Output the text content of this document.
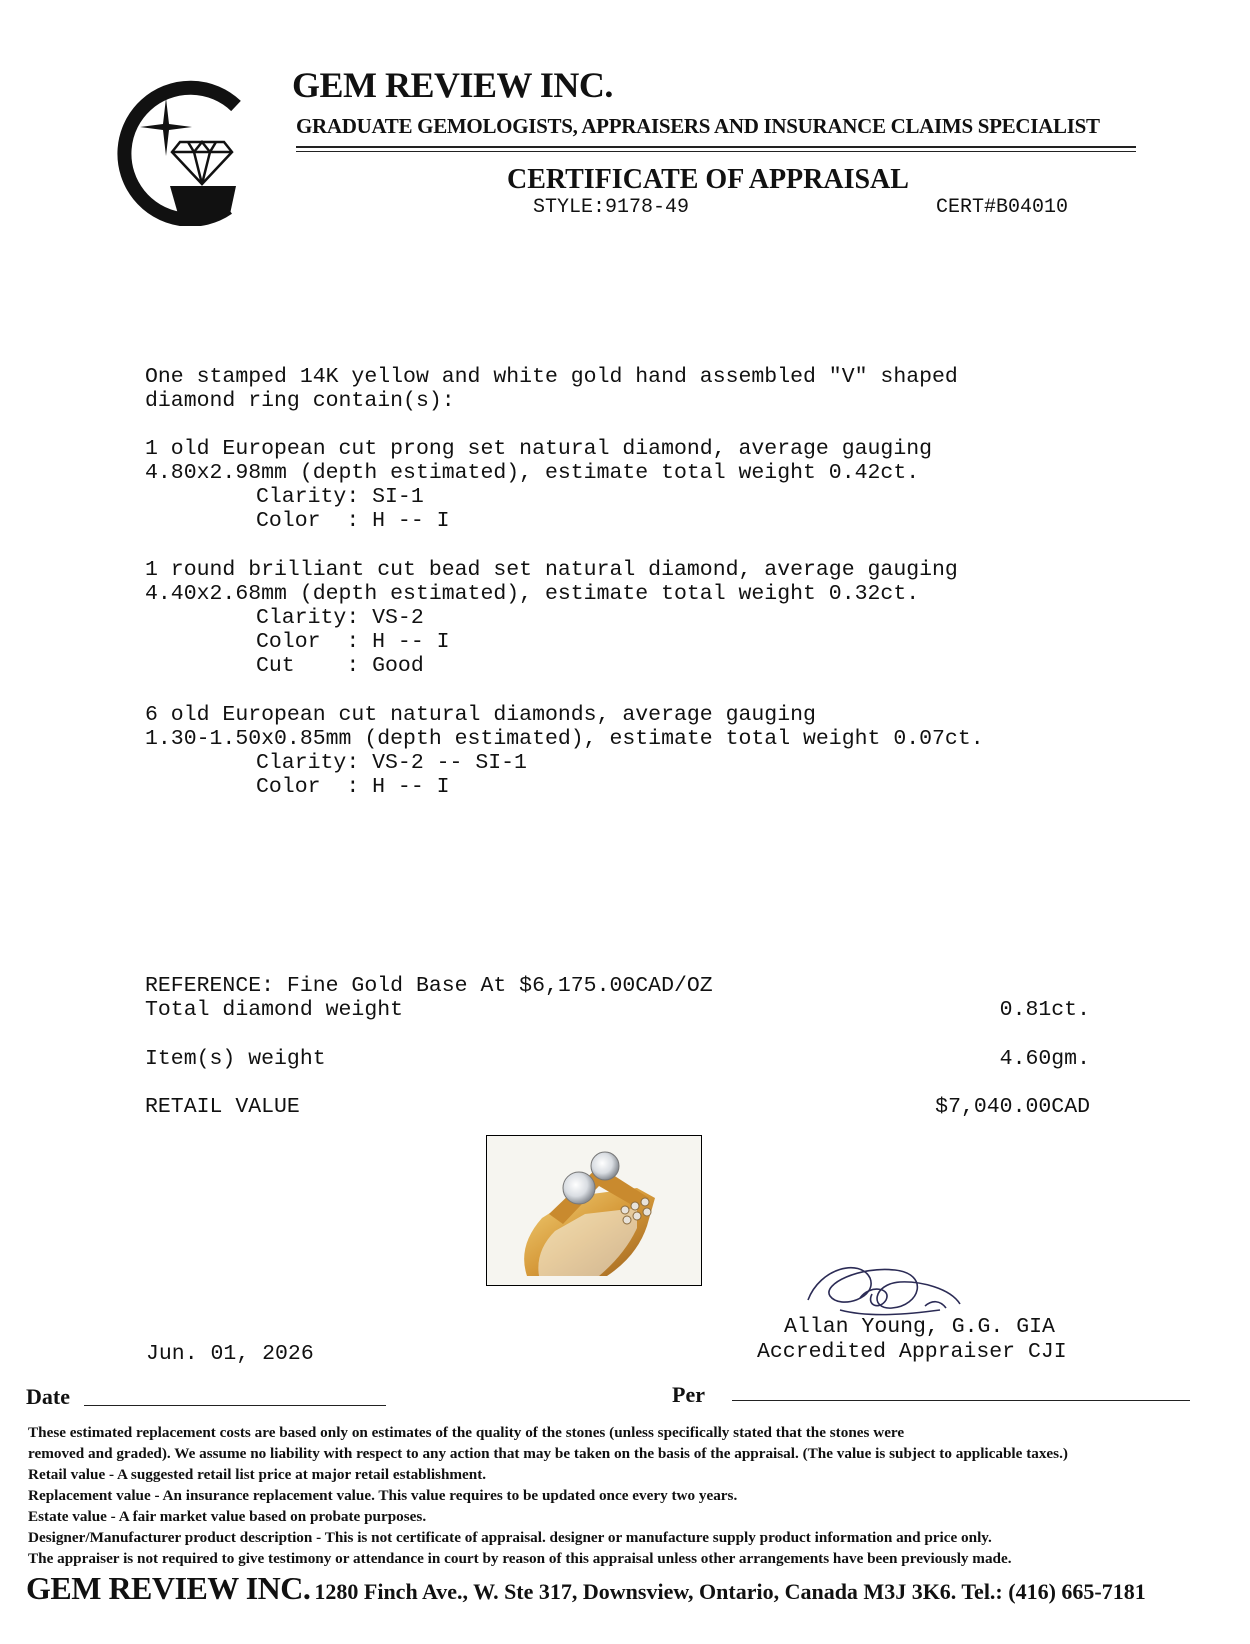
GEM REVIEW INC.
GRADUATE GEMOLOGISTS, APPRAISERS AND INSURANCE CLAIMS SPECIALIST
CERTIFICATE OF APPRAISAL
STYLE:9178-49	CERT#B04010

One stamped 14K yellow and white gold hand assembled "V" shaped

diamond ring contain(s):

1 old European cut prong set natural diamond, average gauging

4.80x2.98mm (depth estimated), estimate total weight 0.42ct.

Clarity: SI-1
Color  : H -- I

1 round brilliant cut bead set natural diamond, average gauging

4.40x2.68mm (depth estimated), estimate total weight 0.32ct.

Clarity: VS-2
Color  : H -- I
Cut    : Good

6 old European cut natural diamonds, average gauging

1.30-1.50x0.85mm (depth estimated), estimate total weight 0.07ct.

Clarity: VS-2 -- SI-1
Color  : H -- I
REFERENCE: Fine Gold Base At $6,175.00CAD/OZ
Total diamond weight	0.81ct.
Item(s) weight	4.60gm.
RETAIL VALUE	$7,040.00CAD
Allan Young, G.G. GIA
Accredited Appraiser CJI
Jun. 01, 2026
Date	Per
These estimated replacement costs are based only on estimates of the quality of the stones (unless specifically stated that the stones were
removed and graded). We assume no liability with respect to any action that may be taken on the basis of the appraisal. (The value is subject to applicable taxes.)
Retail value - A suggested retail list price at major retail establishment.
Replacement value - An insurance replacement value. This value requires to be updated once every two years.
Estate value - A fair market value based on probate purposes.
Designer/Manufacturer product description - This is not certificate of appraisal. designer or manufacture supply product information and price only.
The appraiser is not required to give testimony or attendance in court by reason of this appraisal unless other arrangements have been previously made.
GEM REVIEW INC. 1280 Finch Ave., W. Ste 317, Downsview, Ontario, Canada M3J 3K6. Tel.: (416) 665-7181
